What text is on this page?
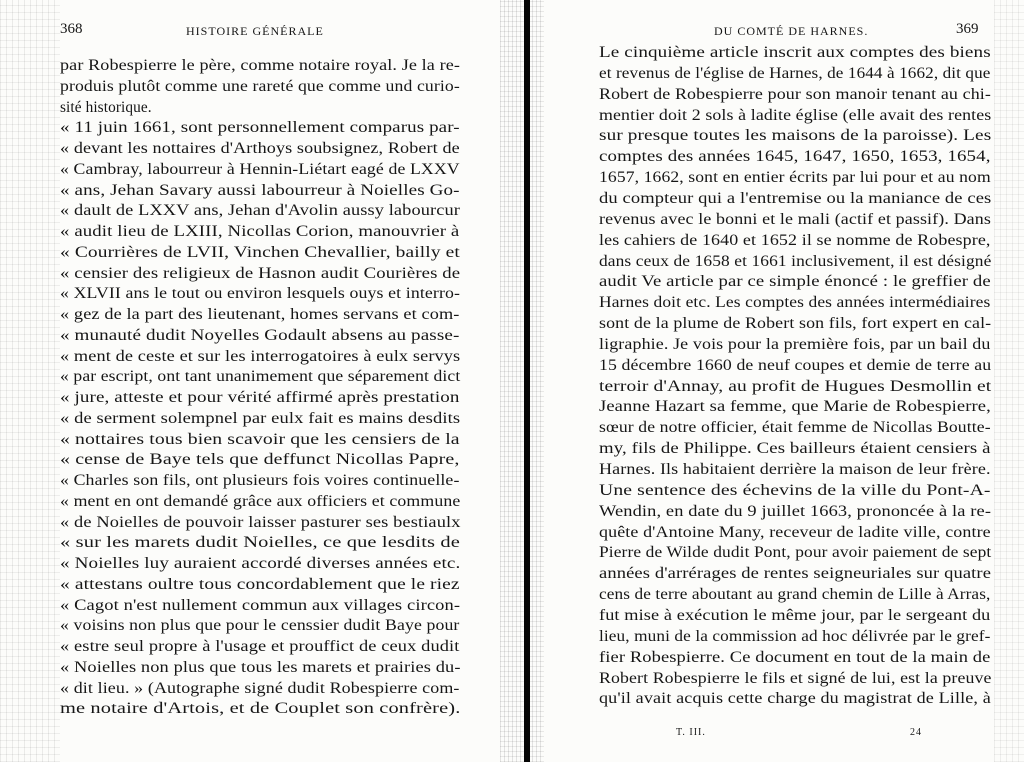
368	HISTOIRE GÉNÉRALE
par Robespierre le père, comme notaire royal. Je la re-
produis plutôt comme une rareté que comme und curio-
sité historique.
« 11 juin 1661, sont personnellement comparus par-
« devant les nottaires d'Arthoys soubsignez, Robert de
« Cambray, labourreur à Hennin-Liétart eagé de LXXV
« ans, Jehan Savary aussi labourreur à Noielles Go-
« dault de LXXV ans, Jehan d'Avolin aussy labourcur
« audit lieu de LXIII, Nicollas Corion, manouvrier à
« Courrières de LVII, Vinchen Chevallier, bailly et
« censier des religieux de Hasnon audit Courières de
« XLVII ans le tout ou environ lesquels ouys et interro-
« gez de la part des lieutenant, homes servans et com-
« munauté dudit Noyelles Godault absens au passe-
« ment de ceste et sur les interrogatoires à eulx servys
« par escript, ont tant unanimement que séparement dict
« jure, atteste et pour vérité affirmé après prestation
« de serment solempnel par eulx fait es mains desdits
« nottaires tous bien scavoir que les censiers de la
« cense de Baye tels que deffunct Nicollas Papre,
« Charles son fils, ont plusieurs fois voires continuelle-
« ment en ont demandé grâce aux officiers et commune
« de Noielles de pouvoir laisser pasturer ses bestiaulx
« sur les marets dudit Noielles, ce que lesdits de
« Noielles luy auraient accordé diverses années etc.
« attestans oultre tous concordablement que le riez
« Cagot n'est nullement commun aux villages circon-
« voisins non plus que pour le censsier dudit Baye pour
« estre seul propre à l'usage et prouffict de ceux dudit
« Noielles non plus que tous les marets et prairies du-
« dit lieu. » (Autographe signé dudit Robespierre com-
me notaire d'Artois, et de Couplet son confrère).
DU COMTÉ DE HARNES.	369
Le cinquième article inscrit aux comptes des biens
et revenus de l'église de Harnes, de 1644 à 1662, dit que
Robert de Robespierre pour son manoir tenant au chi-
mentier doit 2 sols à ladite église (elle avait des rentes
sur presque toutes les maisons de la paroisse). Les
comptes des années 1645, 1647, 1650, 1653, 1654,
1657, 1662, sont en entier écrits par lui pour et au nom
du compteur qui a l'entremise ou la maniance de ces
revenus avec le bonni et le mali (actif et passif). Dans
les cahiers de 1640 et 1652 il se nomme de Robespre,
dans ceux de 1658 et 1661 inclusivement, il est désigné
audit Ve article par ce simple énoncé : le greffier de
Harnes doit etc. Les comptes des années intermédiaires
sont de la plume de Robert son fils, fort expert en cal-
ligraphie. Je vois pour la première fois, par un bail du
15 décembre 1660 de neuf coupes et demie de terre au
terroir d'Annay, au profit de Hugues Desmollin et
Jeanne Hazart sa femme, que Marie de Robespierre,
sœur de notre officier, était femme de Nicollas Boutte-
my, fils de Philippe. Ces bailleurs étaient censiers à
Harnes. Ils habitaient derrière la maison de leur frère.
Une sentence des échevins de la ville du Pont-A-
Wendin, en date du 9 juillet 1663, prononcée à la re-
quête d'Antoine Many, receveur de ladite ville, contre
Pierre de Wilde dudit Pont, pour avoir paiement de sept
années d'arrérages de rentes seigneuriales sur quatre
cens de terre aboutant au grand chemin de Lille à Arras,
fut mise à exécution le même jour, par le sergeant du
lieu, muni de la commission ad hoc délivrée par le gref-
fier Robespierre. Ce document en tout de la main de
Robert Robespierre le fils et signé de lui, est la preuve
qu'il avait acquis cette charge du magistrat de Lille, à
T. III.	24
